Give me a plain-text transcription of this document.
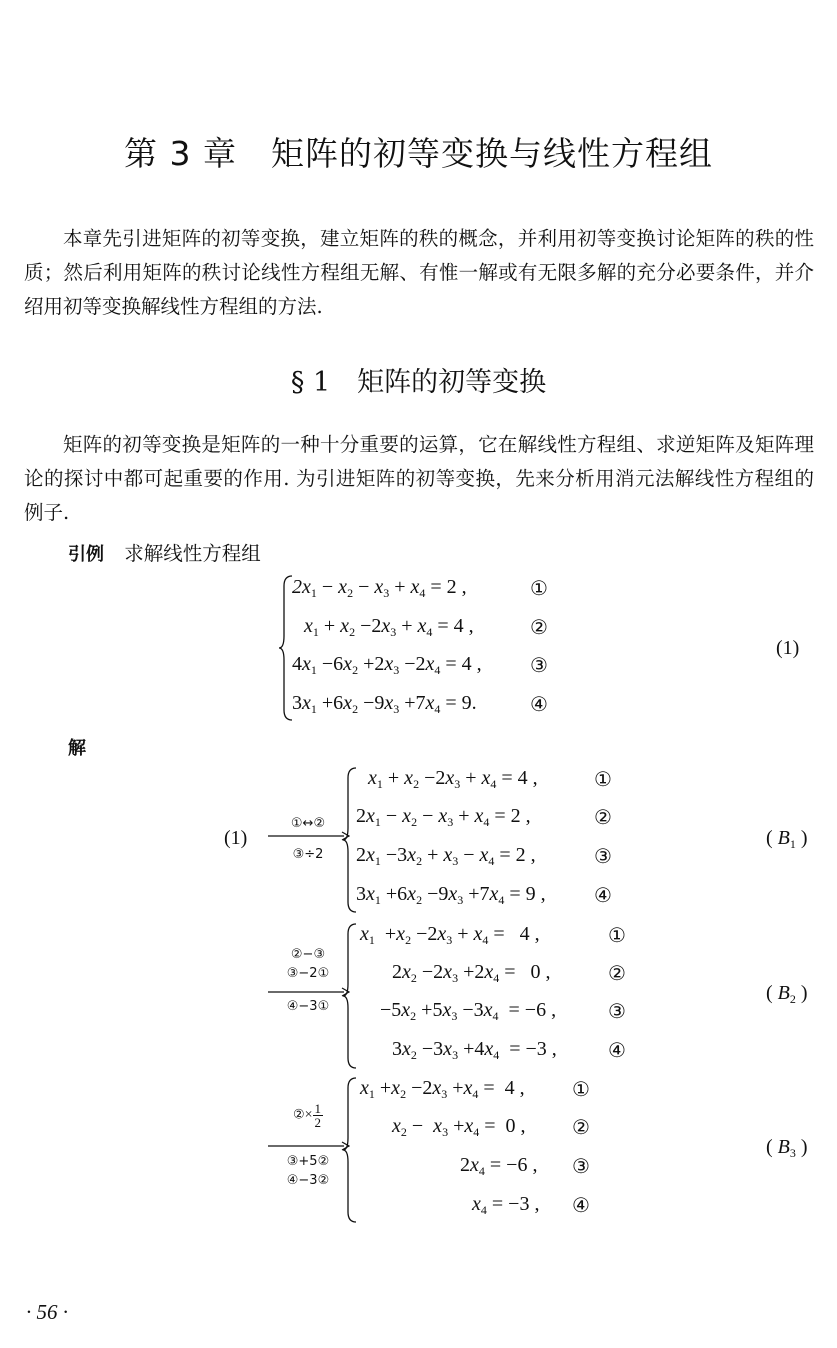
第 3 章　矩阵的初等变换与线性方程组
本章先引进矩阵的初等变换，建立矩阵的秩的概念，并利用初等变换讨论矩阵的秩的性质；然后利用矩阵的秩讨论线性方程组无解、有惟一解或有无限多解的充分必要条件，并介绍用初等变换解线性方程组的方法.
§ 1　矩阵的初等变换
矩阵的初等变换是矩阵的一种十分重要的运算，它在解线性方程组、求逆矩阵及矩阵理论的探讨中都可起重要的作用. 为引进矩阵的初等变换，先来分析用消元法解线性方程组的例子.
引例 求解线性方程组
$2x_1 - x_2 - x_3 + x_4 = 2$ ,
$x_1 + x_2 -2x_3 + x_4 = 4$ ,
$4x_1 -6x_2 +2x_3 -2x_4 = 4$ ,
$3x_1 +6x_2 -9x_3 +7x_4 = 9$.
①
②
③
④
(1)
解
(1)
①↔②
③÷2
$x_1 + x_2 -2x_3 + x_4 = 4$ ,
$2x_1 - x_2 - x_3 + x_4 = 2$ ,
$2x_1 -3x_2 + x_3 - x_4 = 2$ ,
$3x_1 +6x_2 -9x_3 +7x_4 = 9$ ,
①
②
③
④
( $B_1$ )
②−③
③−2①
④−3①
$x_1 +x_2 -2x_3 + x_4 = 4$ ,
$2x_2 -2x_3 +2x_4 = 0$ ,
$-5x_2 +5x_3 -3x_4 = -6$ ,
$3x_2 -3x_3 +4x_4 = -3$ ,
①
②
③
④
( $B_2$ )
②× $\frac{1}{2}$
③+5②
④−3②
$x_1 +x_2 -2x_3 +x_4 = 4$ ,
$x_2 - x_3 +x_4 = 0$ ,
$2x_4 = -6$ ,
$x_4 = -3$ ,
①
②
③
④
( $B_3$ )
· 56 ·
